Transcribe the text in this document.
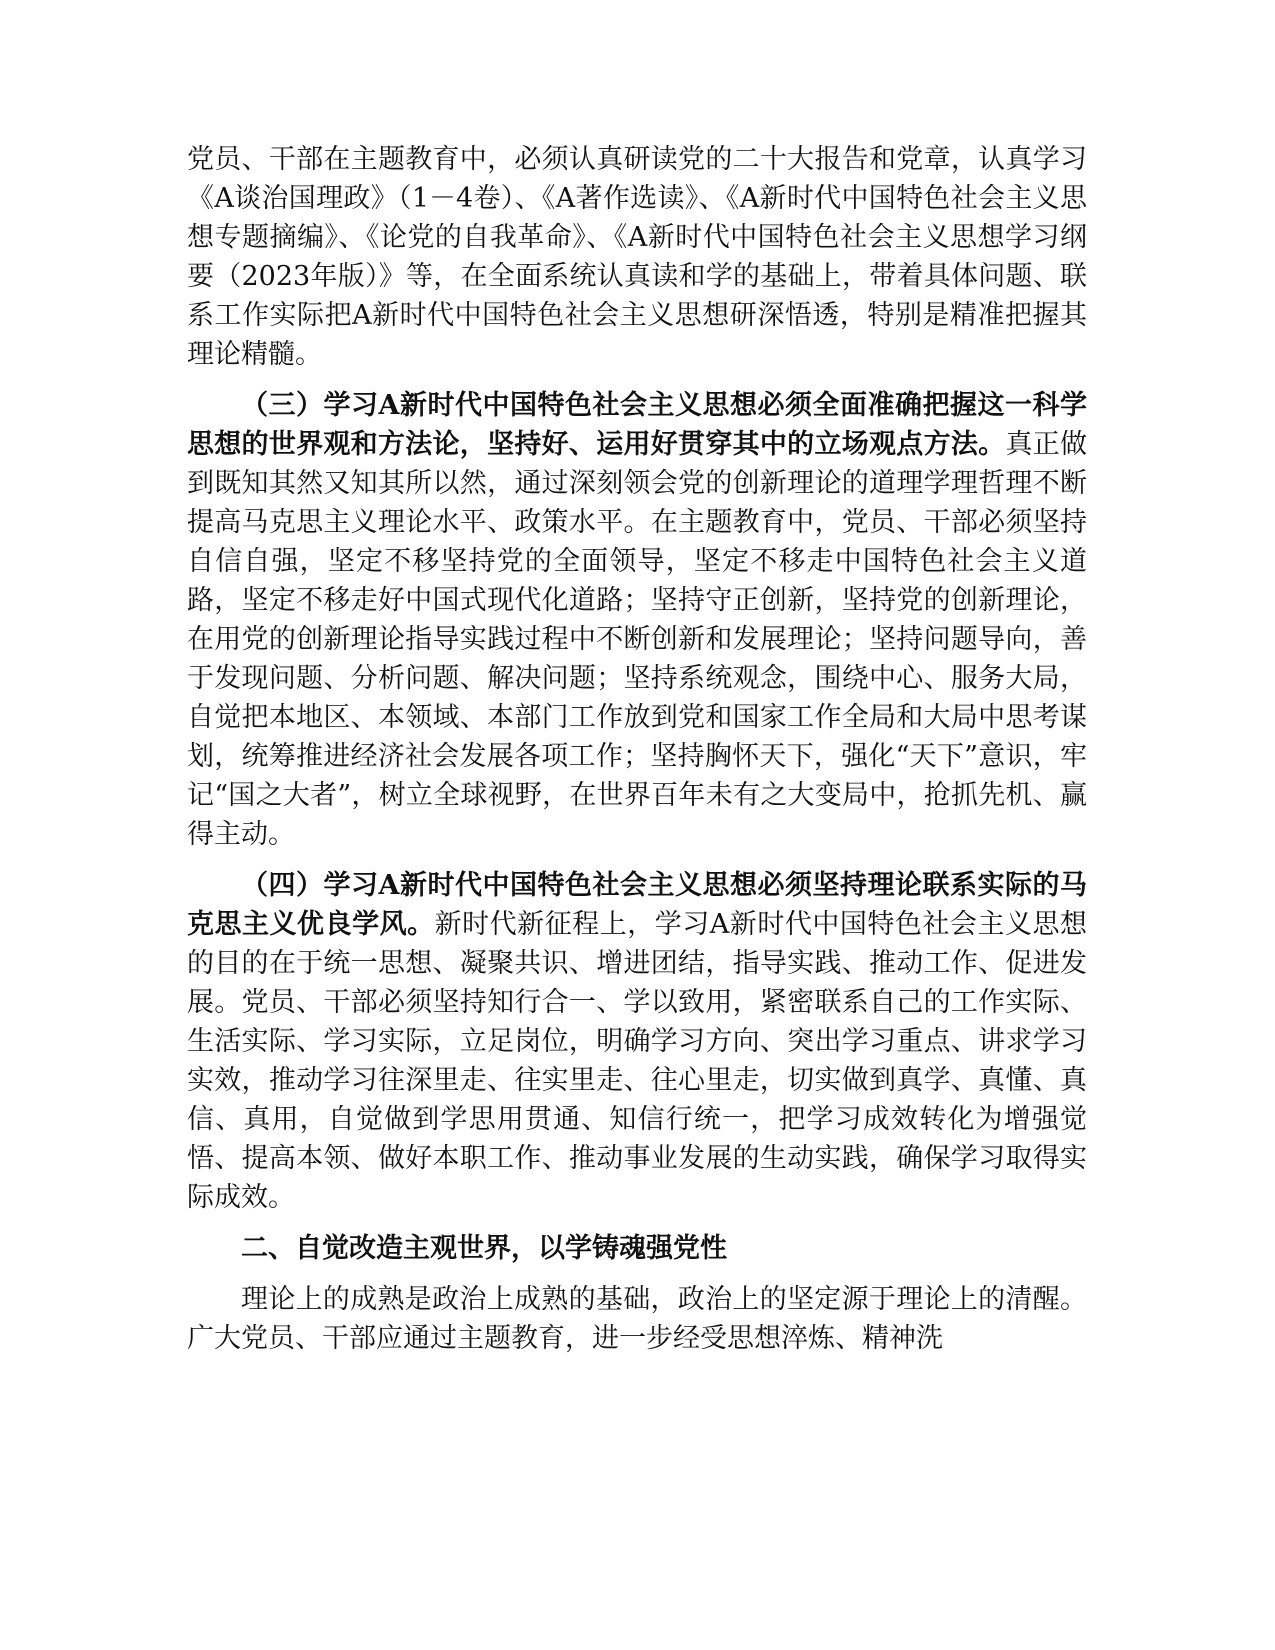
党员、干部在主题教育中，必须认真研读党的二十大报告和党章，认真学习《A谈治国理政》（1－4卷）、《A著作选读》、《A新时代中国特色社会主义思想专题摘编》、《论党的自我革命》、《A新时代中国特色社会主义思想学习纲要（2023年版）》等，在全面系统认真读和学的基础上，带着具体问题、联系工作实际把A新时代中国特色社会主义思想研深悟透，特别是精准把握其理论精髓。

（三）学习A新时代中国特色社会主义思想必须全面准确把握这一科学思想的世界观和方法论，坚持好、运用好贯穿其中的立场观点方法。真正做到既知其然又知其所以然，通过深刻领会党的创新理论的道理学理哲理不断提高马克思主义理论水平、政策水平。在主题教育中，党员、干部必须坚持自信自强，坚定不移坚持党的全面领导，坚定不移走中国特色社会主义道路，坚定不移走好中国式现代化道路；坚持守正创新，坚持党的创新理论，在用党的创新理论指导实践过程中不断创新和发展理论；坚持问题导向，善于发现问题、分析问题、解决问题；坚持系统观念，围绕中心、服务大局，自觉把本地区、本领域、本部门工作放到党和国家工作全局和大局中思考谋划，统筹推进经济社会发展各项工作；坚持胸怀天下，强化“天下”意识，牢记“国之大者”，树立全球视野，在世界百年未有之大变局中，抢抓先机、赢得主动。

（四）学习A新时代中国特色社会主义思想必须坚持理论联系实际的马克思主义优良学风。新时代新征程上，学习A新时代中国特色社会主义思想的目的在于统一思想、凝聚共识、增进团结，指导实践、推动工作、促进发展。党员、干部必须坚持知行合一、学以致用，紧密联系自己的工作实际、生活实际、学习实际，立足岗位，明确学习方向、突出学习重点、讲求学习实效，推动学习往深里走、往实里走、往心里走，切实做到真学、真懂、真信、真用，自觉做到学思用贯通、知信行统一，把学习成效转化为增强觉悟、提高本领、做好本职工作、推动事业发展的生动实践，确保学习取得实际成效。

二、自觉改造主观世界，以学铸魂强党性

理论上的成熟是政治上成熟的基础，政治上的坚定源于理论上的清醒。广大党员、干部应通过主题教育，进一步经受思想淬炼、精神洗
